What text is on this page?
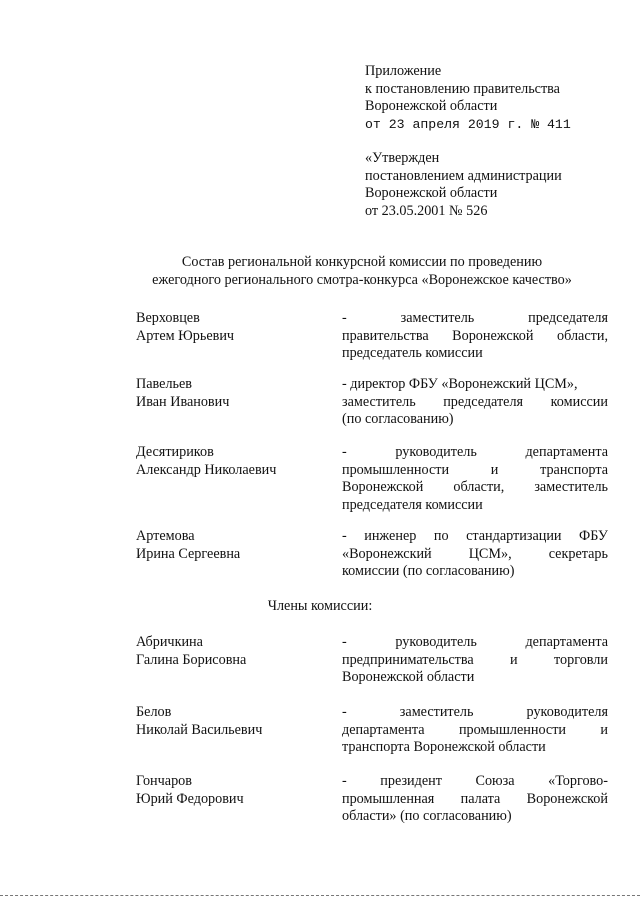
Приложение
к постановлению правительства
Воронежской области
от 23 апреля 2019 г. № 411
«Утвержден
постановлением администрации
Воронежской области
от 23.05.2001 № 526
Состав региональной конкурсной комиссии по проведению
ежегодного регионального смотра-конкурса «Воронежское качество»
Члены комиссии:
Верховцев
Артем Юрьевич
-	заместитель	председателя
правительства Воронежской области,
председатель комиссии
Павельев
Иван Иванович
- директор ФБУ «Воронежский ЦСМ»,
заместитель председателя комиссии
(по согласованию)
Десятириков
Александр Николаевич
-	руководитель	департамента
промышленности	и	транспорта
Воронежской области, заместитель
председателя комиссии
Артемова
Ирина Сергеевна
- инженер по стандартизации ФБУ
«Воронежский	ЦСМ»,	секретарь
комиссии (по согласованию)
Абричкина
Галина Борисовна
-	руководитель	департамента
предпринимательства	и	торговли
Воронежской области
Белов
Николай Васильевич
-	заместитель	руководителя
департамента промышленности и
транспорта Воронежской области
Гончаров
Юрий Федорович
- президент Союза «Торгово-
промышленная палата Воронежской
области» (по согласованию)
